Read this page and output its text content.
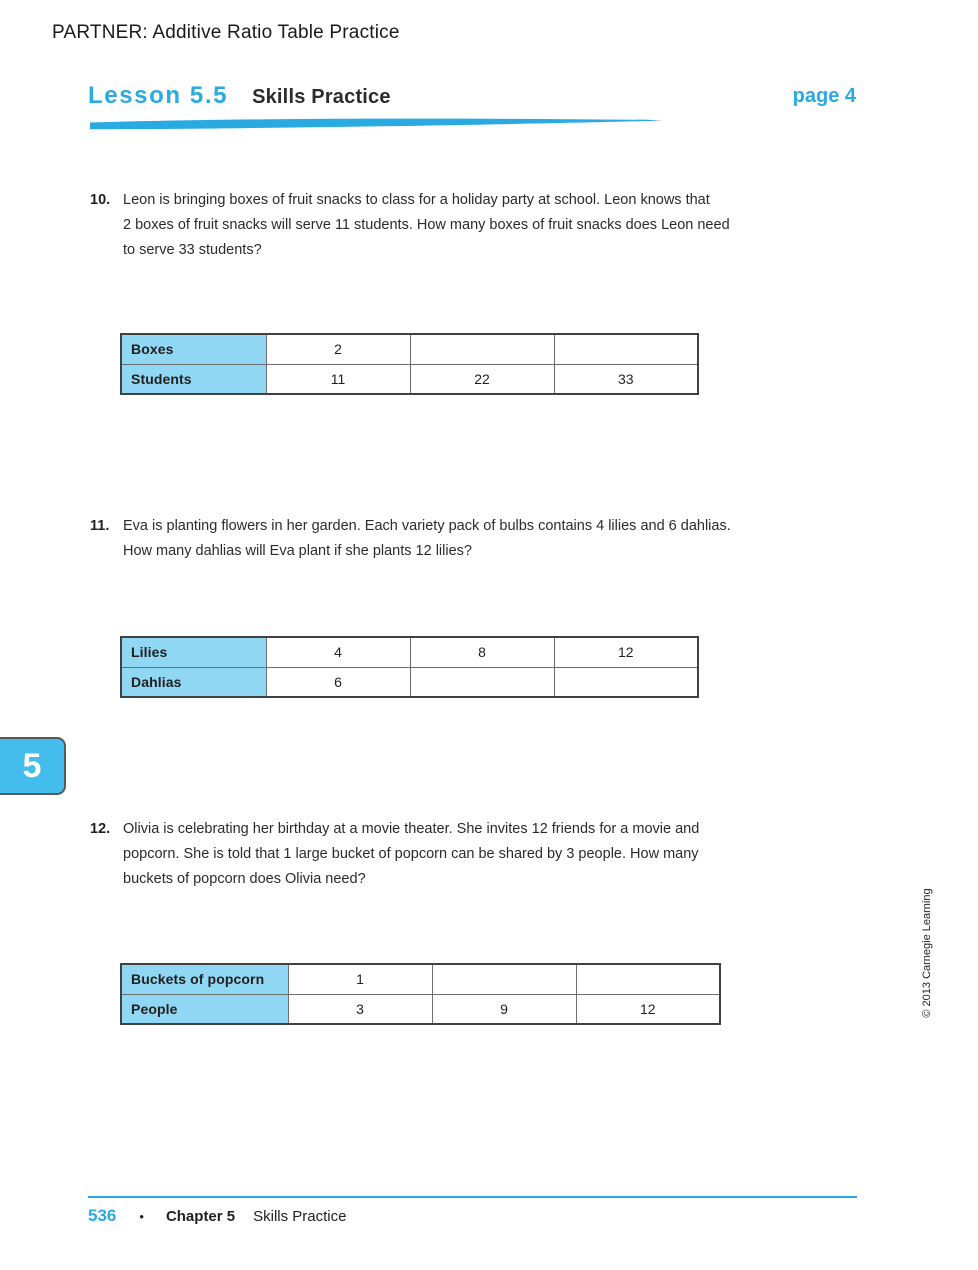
PARTNER: Additive Ratio Table Practice
Lesson 5.5 Skills Practice	page 4
10. Leon is bringing boxes of fruit snacks to class for a holiday party at school. Leon knows that
2 boxes of fruit snacks will serve 11 students. How many boxes of fruit snacks does Leon need
to serve 33 students?
Boxes	2		
Students	11	22	33
11. Eva is planting flowers in her garden. Each variety pack of bulbs contains 4 lilies and 6 dahlias.
How many dahlias will Eva plant if she plants 12 lilies?
Lilies	4	8	12
Dahlias	6		
5
12. Olivia is celebrating her birthday at a movie theater. She invites 12 friends for a movie and
popcorn. She is told that 1 large bucket of popcorn can be shared by 3 people. How many
buckets of popcorn does Olivia need?
Buckets of popcorn	1		
People	3	9	12	© 2013 Carnegie Learning
536 • Chapter 5 Skills Practice
